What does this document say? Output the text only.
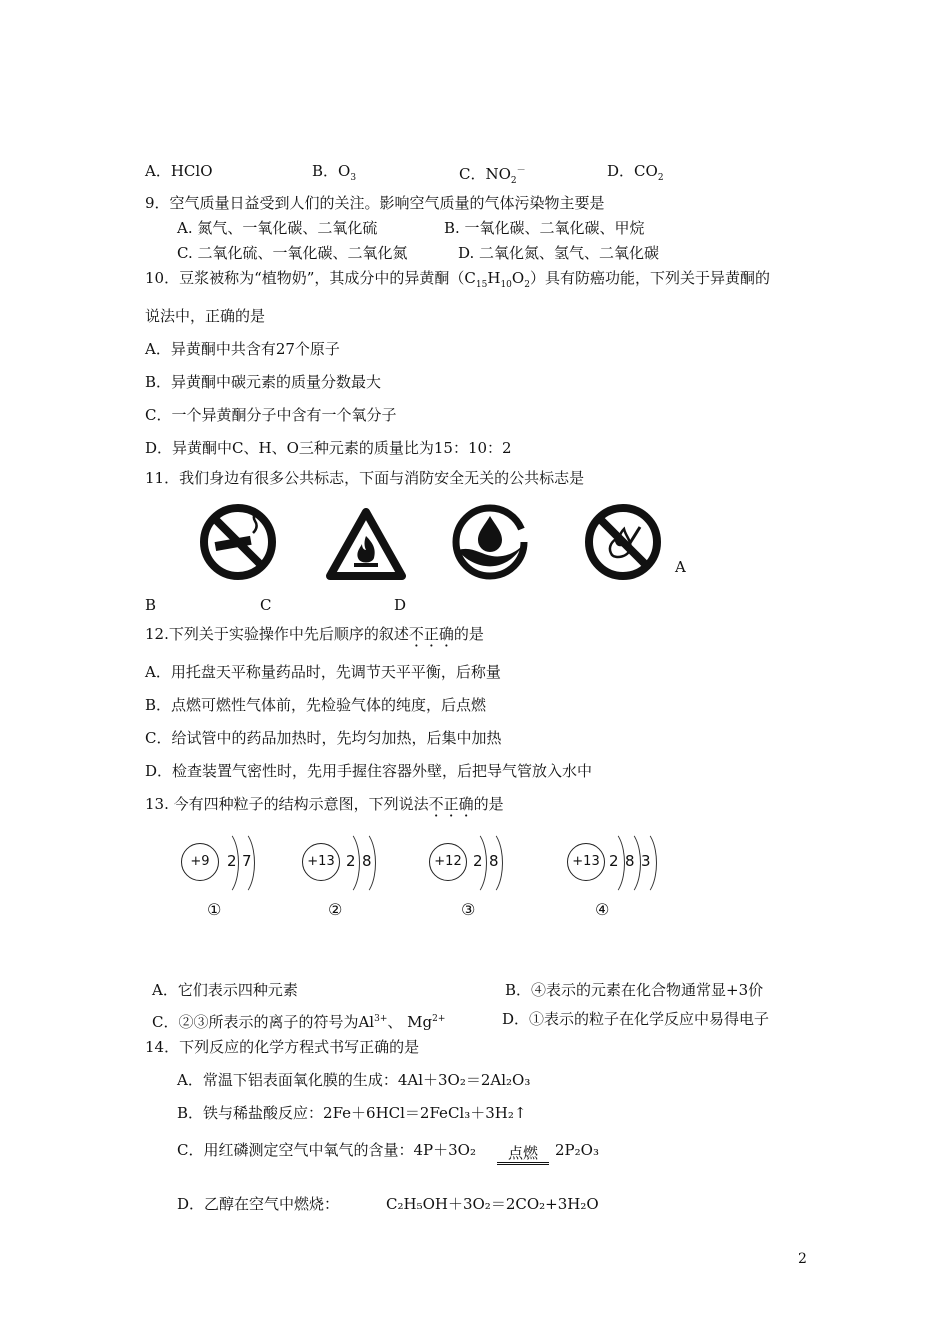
A．HClO	B．$O_3$	C．$NO_2^-$	D．$CO_2$
9．空气质量日益受到人们的关注。影响空气质量的气体污染物主要是
A. 氮气、一氧化碳、二氧化硫	B. 一氧化碳、二氧化碳、甲烷
C. 二氧化硫、一氧化碳、二氧化氮	D. 二氧化氮、氢气、二氧化碳
10．豆浆被称为“植物奶”，其成分中的异黄酮$(C_{15}H_{10}O_2)$具有防癌功能，下列关于异黄酮的
说法中，正确的是
A．异黄酮中共含有27个原子
B．异黄酮中碳元素的质量分数最大
C．一个异黄酮分子中含有一个氧分子
D．异黄酮中C、H、O三种元素的质量比为15：10：2
11．我们身边有很多公共标志，下面与消防安全无关的公共标志是
A
B	C	D
12.下列关于实验操作中先后顺序的叙述不正确的是
A．用托盘天平称量药品时，先调节天平平衡，后称量
B．点燃可燃性气体前，先检验气体的纯度，后点燃
C．给试管中的药品加热时，先均匀加热，后集中加热
D．检查装置气密性时，先用手握住容器外壁，后把导气管放入水中
13. 今有四种粒子的结构示意图，下列说法不正确的是
+9	2 7
①
+13 2 8
②
+12 2 8
③
+13 2 8 3
④
A．它们表示四种元素	B．④表示的元素在化合物通常显+3价
C．②③所表示的离子的符号为$Al^{3+}$、 $Mg^{2+}$	D．①表示的粒子在化学反应中易得电子
14．下列反应的化学方程式书写正确的是
A．常温下铝表面氧化膜的生成：4Al＋3O₂＝2Al₂O₃
B．铁与稀盐酸反应：2Fe＋6HCl＝2FeCl₃＋3H₂↑
C．用红磷测定空气中氧气的含量：4P＋3O₂	点燃	2P₂O₃
D．乙醇在空气中燃烧：	C₂H₅OH＋3O₂＝2CO₂+3H₂O
2
